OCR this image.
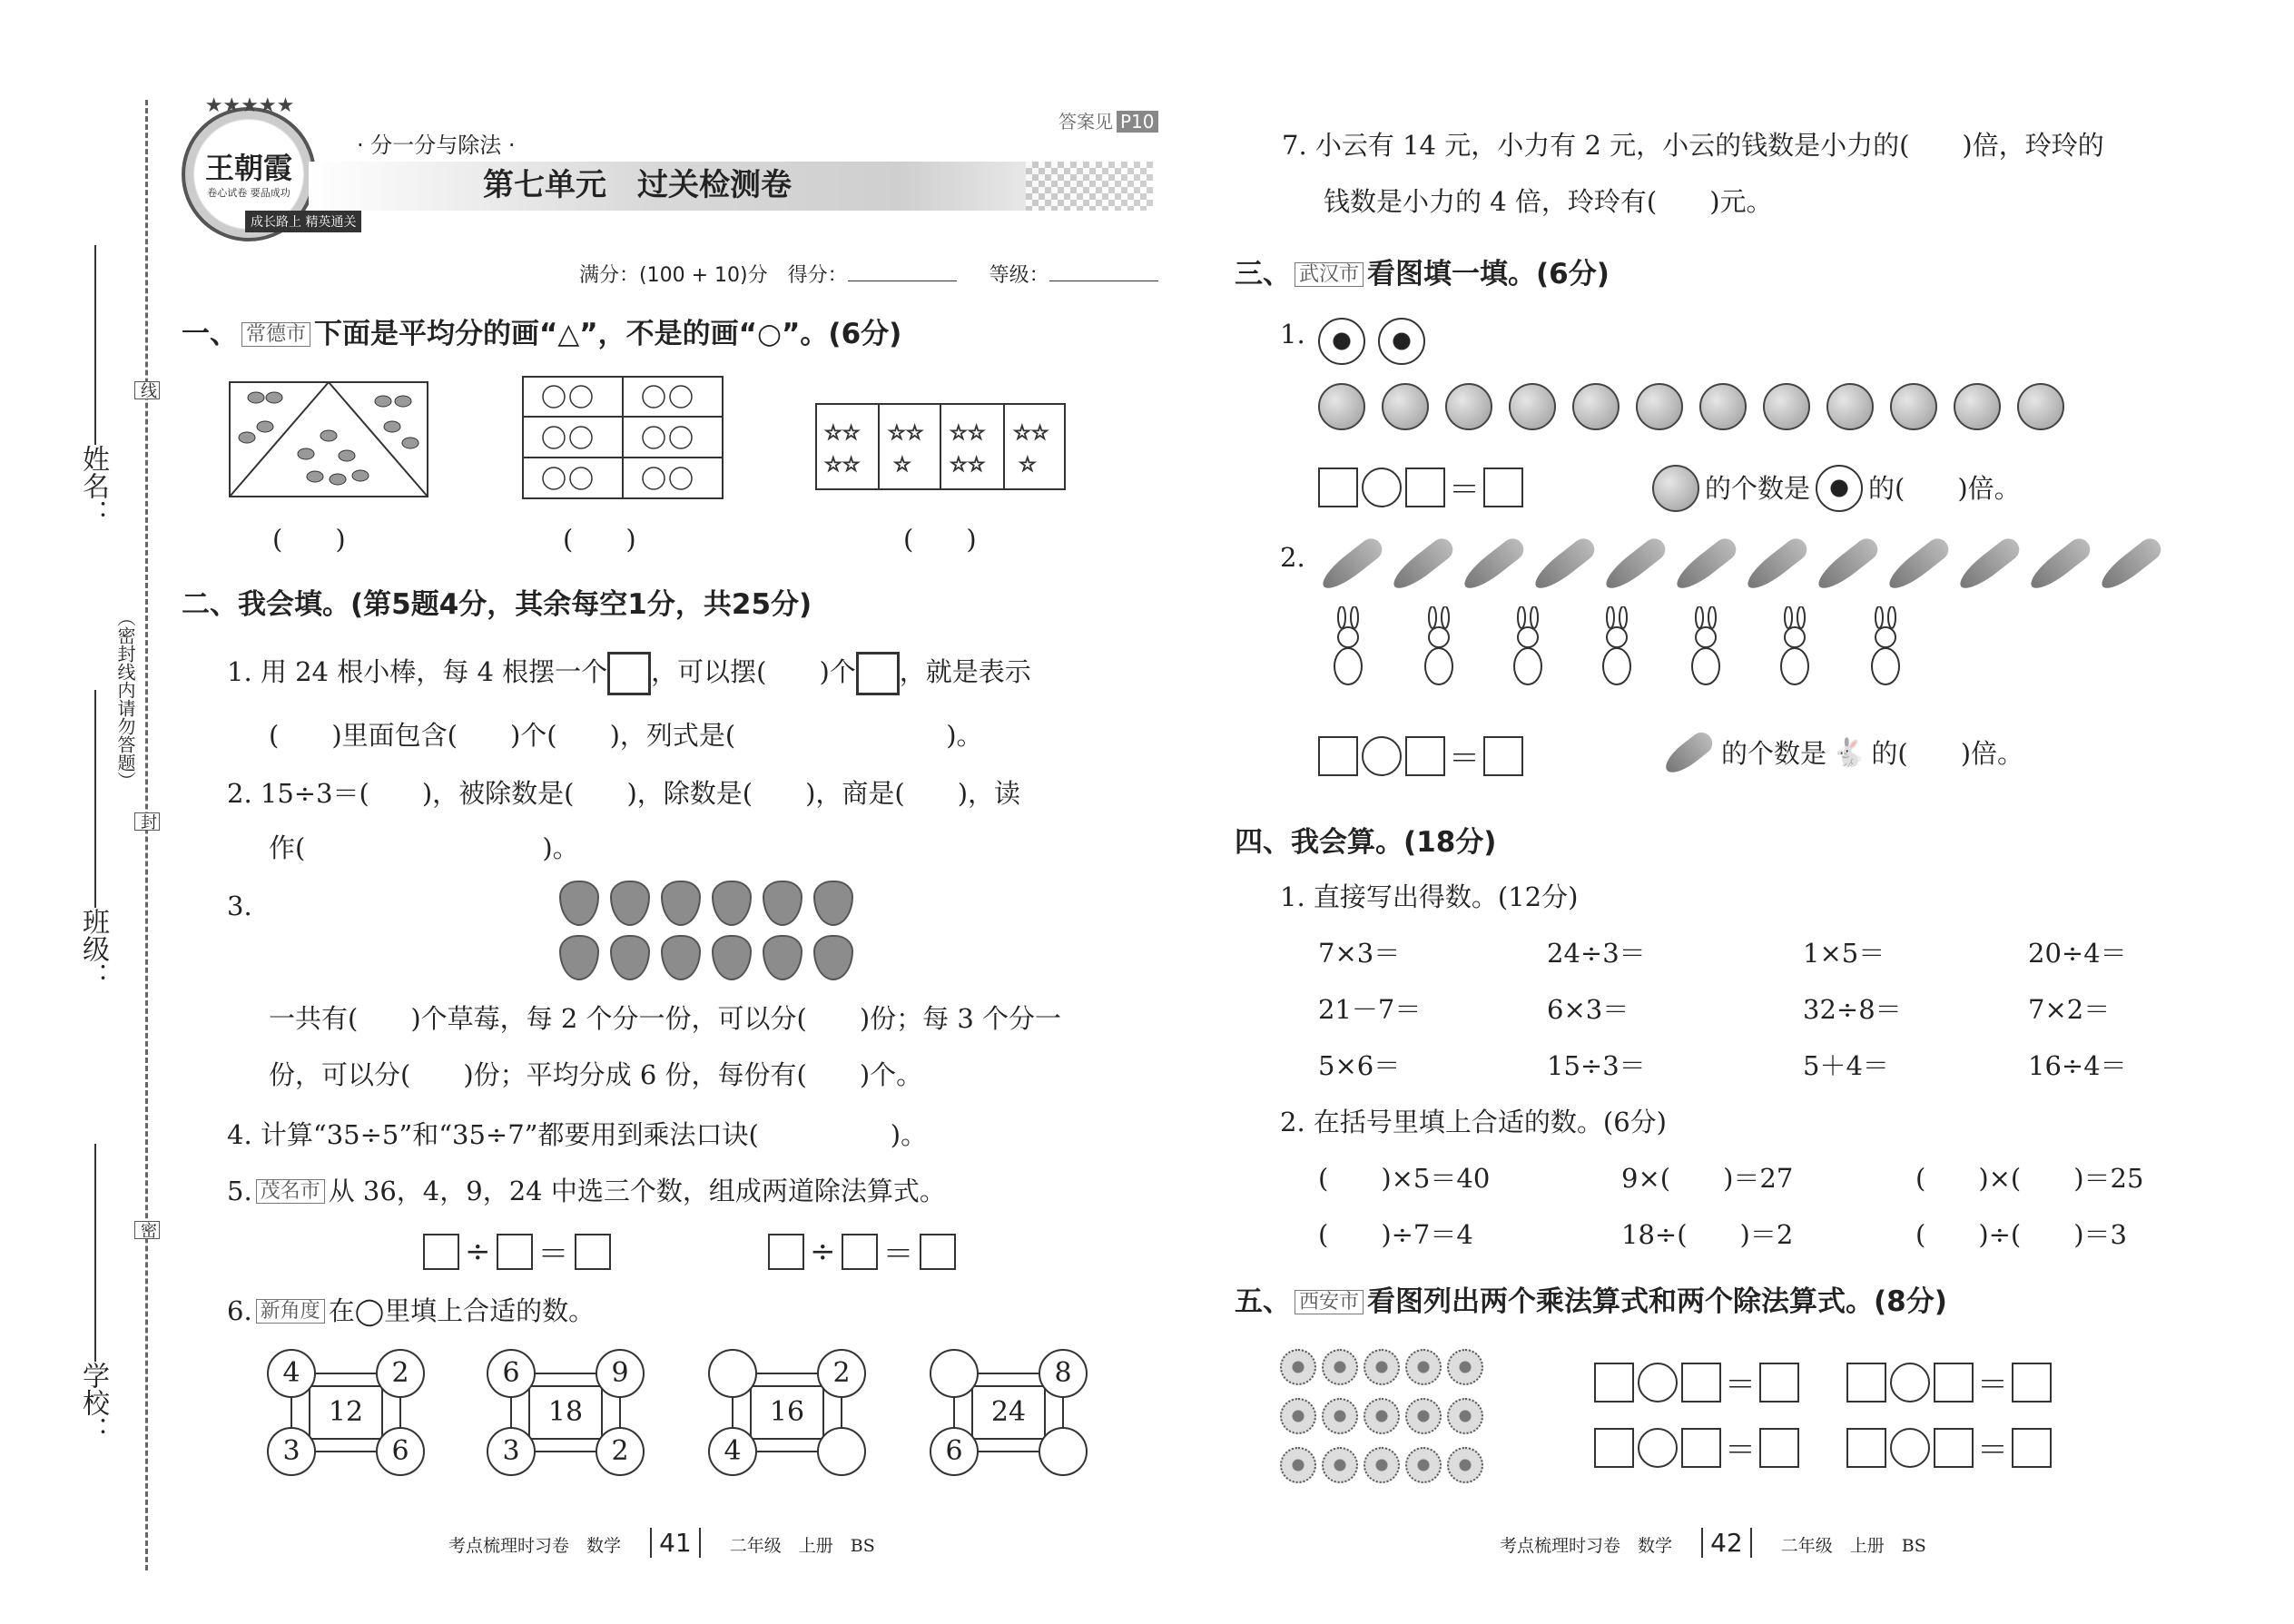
姓名：
班级：
学校：
（密封线内请勿答题）
线
封
密
王朝霞
卷心试卷 要品成功
★★★★★
成长路上 精英通关
· 分一分与除法 ·
第七单元　过关检测卷
答案见 P10
满分：(100 + 10)分　得分：	等级：
一、 常德市 下面是平均分的画“△”，不是的画“○”。(6分)
☆☆
☆☆
☆☆
☆
☆☆
☆☆
☆☆
☆
(　　)	(　　)	(　　)
二、我会填。(第5题4分，其余每空1分，共25分)
1. 用 24 根小棒，每 4 根摆一个 ，可以摆(　　)个 ，就是表示
(　　)里面包含(　　)个(　　)，列式是(　　　　　　　　)。
2. 15÷3＝(　　)，被除数是(　　)，除数是(　　)，商是(　　)，读
作(　　　　　　　　　)。
3.
一共有(　　)个草莓，每 2 个分一份，可以分(　　)份；每 3 个分一
份，可以分(　　)份；平均分成 6 份，每份有(　　)个。
4. 计算“35÷5”和“35÷7”都要用到乘法口诀(　　　　　)。
5. 茂名市 从 36，4，9，24 中选三个数，组成两道除法算式。
÷ ＝	÷ ＝
6. 新角度 在◯里填上合适的数。
12
4	2
3	6
18
6	9
3	2
16
2
4
24
8
6
考点梳理时习卷　数学 41 二年级　上册　BS
7. 小云有 14 元，小力有 2 元，小云的钱数是小力的(　　)倍，玲玲的
钱数是小力的 4 倍，玲玲有(　　)元。
三、 武汉市 看图填一填。(6分)
1.
＝	的个数是 的(　　)倍。
2.
＝	的个数是 🐇 的(　　)倍。
四、我会算。(18分)
1. 直接写出得数。(12分)
7×3＝	24÷3＝	1×5＝	20÷4＝
21－7＝	6×3＝	32÷8＝	7×2＝
5×6＝	15÷3＝	5＋4＝	16÷4＝
2. 在括号里填上合适的数。(6分)
(　　)×5＝40	9×(　　)＝27	(　　)×(　　)＝25
(　　)÷7＝4	18÷(　　)＝2	(　　)÷(　　)＝3
五、 西安市 看图列出两个乘法算式和两个除法算式。(8分)
＝	＝
＝	＝
考点梳理时习卷　数学 42 二年级　上册　BS
